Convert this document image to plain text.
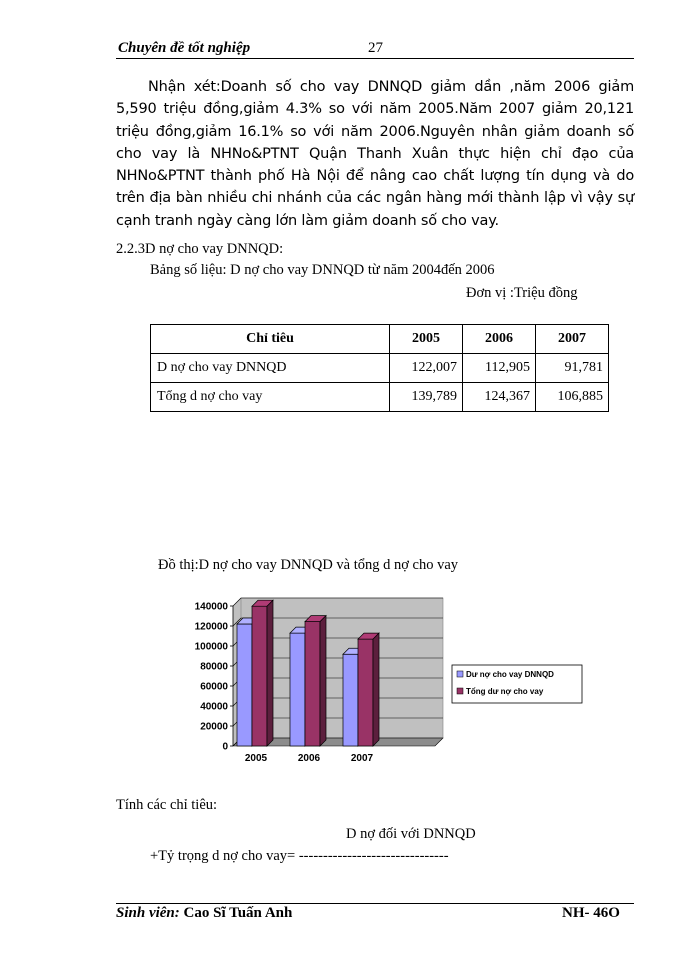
Chuyên đề tốt nghiệp	27
Nhận xét:Doanh số cho vay DNNQD giảm dần ,năm 2006 giảm 5,590 triệu đồng,giảm 4.3% so với năm 2005.Năm 2007 giảm 20,121 triệu đồng,giảm 16.1% so với năm 2006.Nguyên nhân giảm doanh số cho vay là NHNo&PTNT Quận Thanh Xuân thực hiện chỉ đạo của NHNo&PTNT thành phố Hà Nội để nâng cao chất lượng tín dụng và do trên địa bàn nhiều chi nhánh của các ngân hàng mới thành lập vì vậy sự cạnh tranh ngày càng lớn làm giảm doanh số cho vay.
2.2.3D nợ cho vay DNNQD:
Bảng số liệu: D nợ cho vay DNNQD từ năm 2004đến 2006
Đơn vị :Triệu đồng
Chỉ tiêu	2005	2006	2007
D nợ cho vay DNNQD	122,007	112,905	91,781
Tổng d nợ cho vay	139,789	124,367	106,885
Đồ thị:D nợ cho vay DNNQD và tổng d nợ cho vay
0
20000
40000
60000
80000
100000
120000
140000
2005	2006	2007
Dư nợ cho vay DNNQD
Tổng dư nợ cho vay
Tính các chỉ tiêu:
D nợ đối với DNNQD
+Tỷ trọng d nợ cho vay= -------------------------------
Sinh viên: Cao Sĩ Tuấn Anh	NH- 46O
